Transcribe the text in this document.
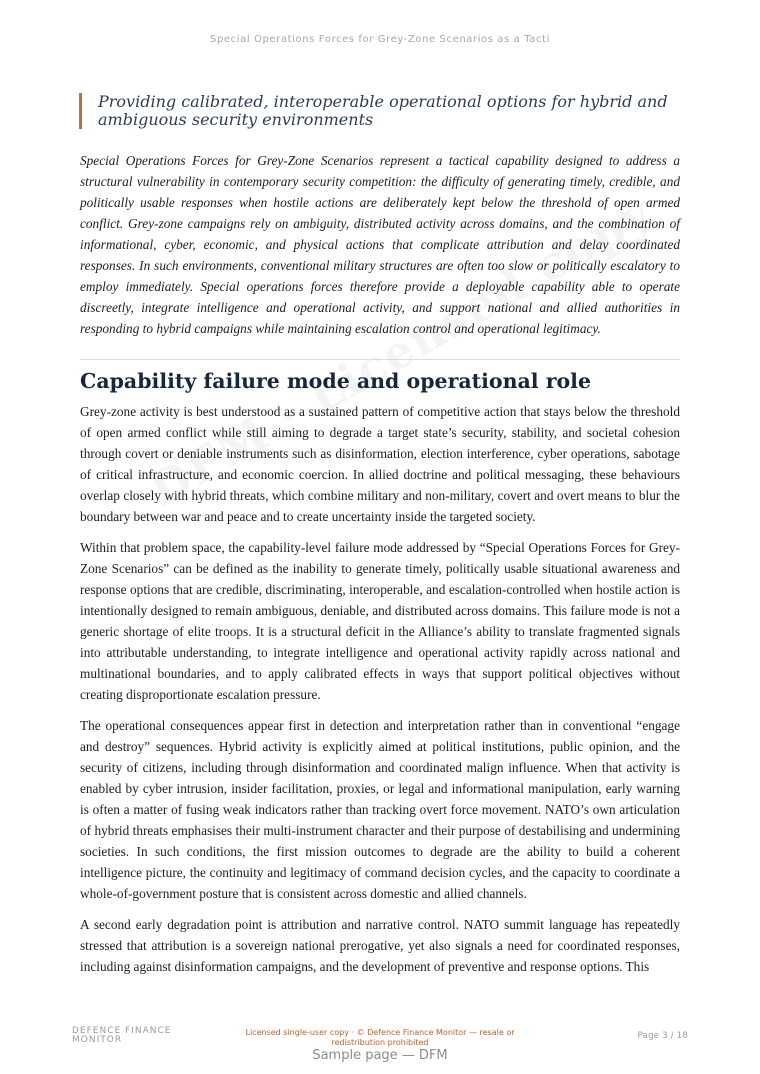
Special Operations Forces for Grey-Zone Scenarios as a Tacti
Providing calibrated, interoperable operational options for hybrid and ambiguous security environments

Special Operations Forces for Grey-Zone Scenarios represent a tactical capability designed to address a structural vulnerability in contemporary security competition: the difficulty of generating timely, credible, and politically usable responses when hostile actions are deliberately kept below the threshold of open armed conflict. Grey-zone campaigns rely on ambiguity, distributed activity across domains, and the combination of informational, cyber, economic, and physical actions that complicate attribution and delay coordinated responses. In such environments, conventional military structures are often too slow or politically escalatory to employ immediately. Special operations forces therefore provide a deployable capability able to operate discreetly, integrate intelligence and operational activity, and support national and allied authorities in responding to hybrid campaigns while maintaining escalation control and operational legitimacy.

Capability failure mode and operational role

Grey-zone activity is best understood as a sustained pattern of competitive action that stays below the threshold of open armed conflict while still aiming to degrade a target state’s security, stability, and societal cohesion through covert or deniable instruments such as disinformation, election interference, cyber operations, sabotage of critical infrastructure, and economic coercion. In allied doctrine and political messaging, these behaviours overlap closely with hybrid threats, which combine military and non-military, covert and overt means to blur the boundary between war and peace and to create uncertainty inside the targeted society.

Within that problem space, the capability-level failure mode addressed by “Special Operations Forces for Grey-Zone Scenarios” can be defined as the inability to generate timely, politically usable situational awareness and response options that are credible, discriminating, interoperable, and escalation-controlled when hostile action is intentionally designed to remain ambiguous, deniable, and distributed across domains. This failure mode is not a generic shortage of elite troops. It is a structural deficit in the Alliance’s ability to translate fragmented signals into attributable understanding, to integrate intelligence and operational activity rapidly across national and multinational boundaries, and to apply calibrated effects in ways that support political objectives without creating disproportionate escalation pressure.

The operational consequences appear first in detection and interpretation rather than in conventional “engage and destroy” sequences. Hybrid activity is explicitly aimed at political institutions, public opinion, and the security of citizens, including through disinformation and coordinated malign influence. When that activity is enabled by cyber intrusion, insider facilitation, proxies, or legal and informational manipulation, early warning is often a matter of fusing weak indicators rather than tracking overt force movement. NATO’s own articulation of hybrid threats emphasises their multi-instrument character and their purpose of destabilising and undermining societies. In such conditions, the first mission outcomes to degrade are the ability to build a coherent intelligence picture, the continuity and legitimacy of command decision cycles, and the capacity to coordinate a whole-of-government posture that is consistent across domestic and allied channels.

A second early degradation point is attribution and narrative control. NATO summit language has repeatedly stressed that attribution is a sovereign national prerogative, yet also signals a need for coordinated responses, including against disinformation campaigns, and the development of preventive and response options. This

DEFENCE FINANCE MONITOR
Licensed single-user copy · © Defence Finance Monitor — resale or redistribution prohibited
Page 3 / 18
Sample page — DFM
